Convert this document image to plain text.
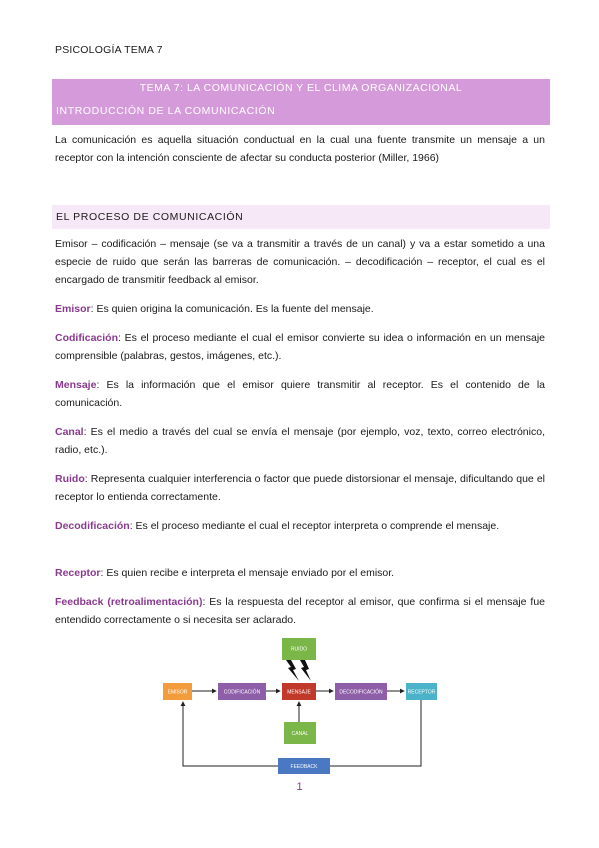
PSICOLOGÍA TEMA 7
TEMA 7: LA COMUNICACIÓN Y EL CLIMA ORGANIZACIONAL
INTRODUCCIÓN DE LA COMUNICACIÓN

La comunicación es aquella situación conductual en la cual una fuente transmite un mensaje a un receptor con la intención consciente de afectar su conducta posterior (Miller, 1966)

EL PROCESO DE COMUNICACIÓN

Emisor – codificación – mensaje (se va a transmitir a través de un canal) y va a estar sometido a una especie de ruido que serán las barreras de comunicación. – decodificación – receptor, el cual es el encargado de transmitir feedback al emisor.

Emisor: Es quien origina la comunicación. Es la fuente del mensaje.

Codificación: Es el proceso mediante el cual el emisor convierte su idea o información en un mensaje comprensible (palabras, gestos, imágenes, etc.).

Mensaje: Es la información que el emisor quiere transmitir al receptor. Es el contenido de la comunicación.

Canal: Es el medio a través del cual se envía el mensaje (por ejemplo, voz, texto, correo electrónico, radio, etc.).

Ruido: Representa cualquier interferencia o factor que puede distorsionar el mensaje, dificultando que el receptor lo entienda correctamente.

Decodificación: Es el proceso mediante el cual el receptor interpreta o comprende el mensaje.

Receptor: Es quien recibe e interpreta el mensaje enviado por el emisor.

Feedback (retroalimentación): Es la respuesta del receptor al emisor, que confirma si el mensaje fue entendido correctamente o si necesita ser aclarado.

EMISOR	CODIFICACIÓN	MENSAJE	DECODIFICACIÓN	RECEPTOR
RUIDO
CANAL
FEEDBACK
1
